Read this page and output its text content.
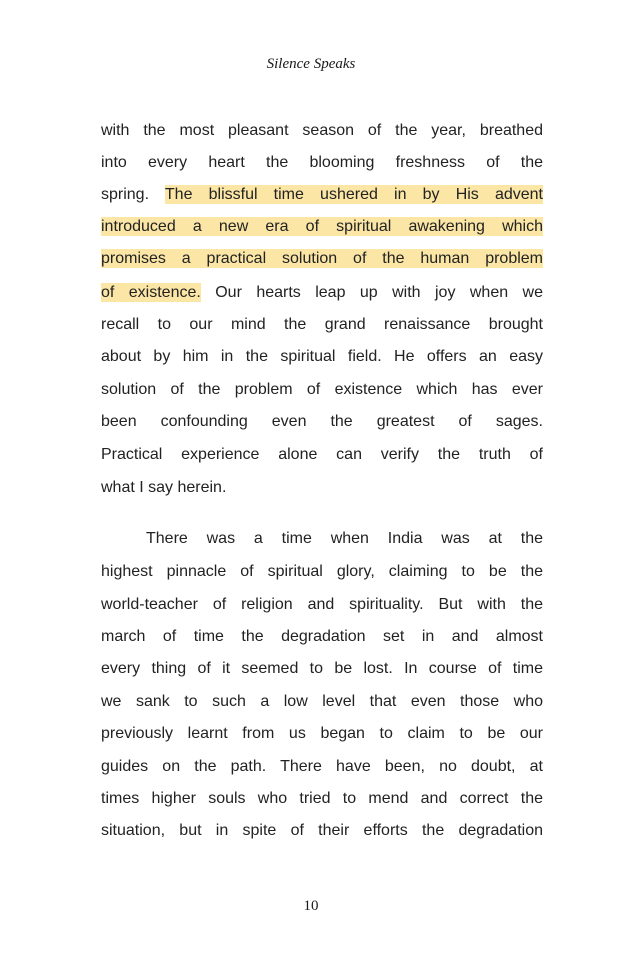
Silence Speaks
with the most pleasant season of the year, breathed
into every heart the blooming freshness of the
spring. The blissful time ushered in by His advent
introduced a new era of spiritual awakening which
promises a practical solution of the human problem
of existence. Our hearts leap up with joy when we
recall to our mind the grand renaissance brought
about by him in the spiritual field. He offers an easy
solution of the problem of existence which has ever
been confounding even the greatest of sages.
Practical experience alone can verify the truth of
what I say herein.
There was a time when India was at the
highest pinnacle of spiritual glory, claiming to be the
world-teacher of religion and spirituality. But with the
march of time the degradation set in and almost
every thing of it seemed to be lost. In course of time
we sank to such a low level that even those who
previously learnt from us began to claim to be our
guides on the path. There have been, no doubt, at
times higher souls who tried to mend and correct the
situation, but in spite of their efforts the degradation
10
